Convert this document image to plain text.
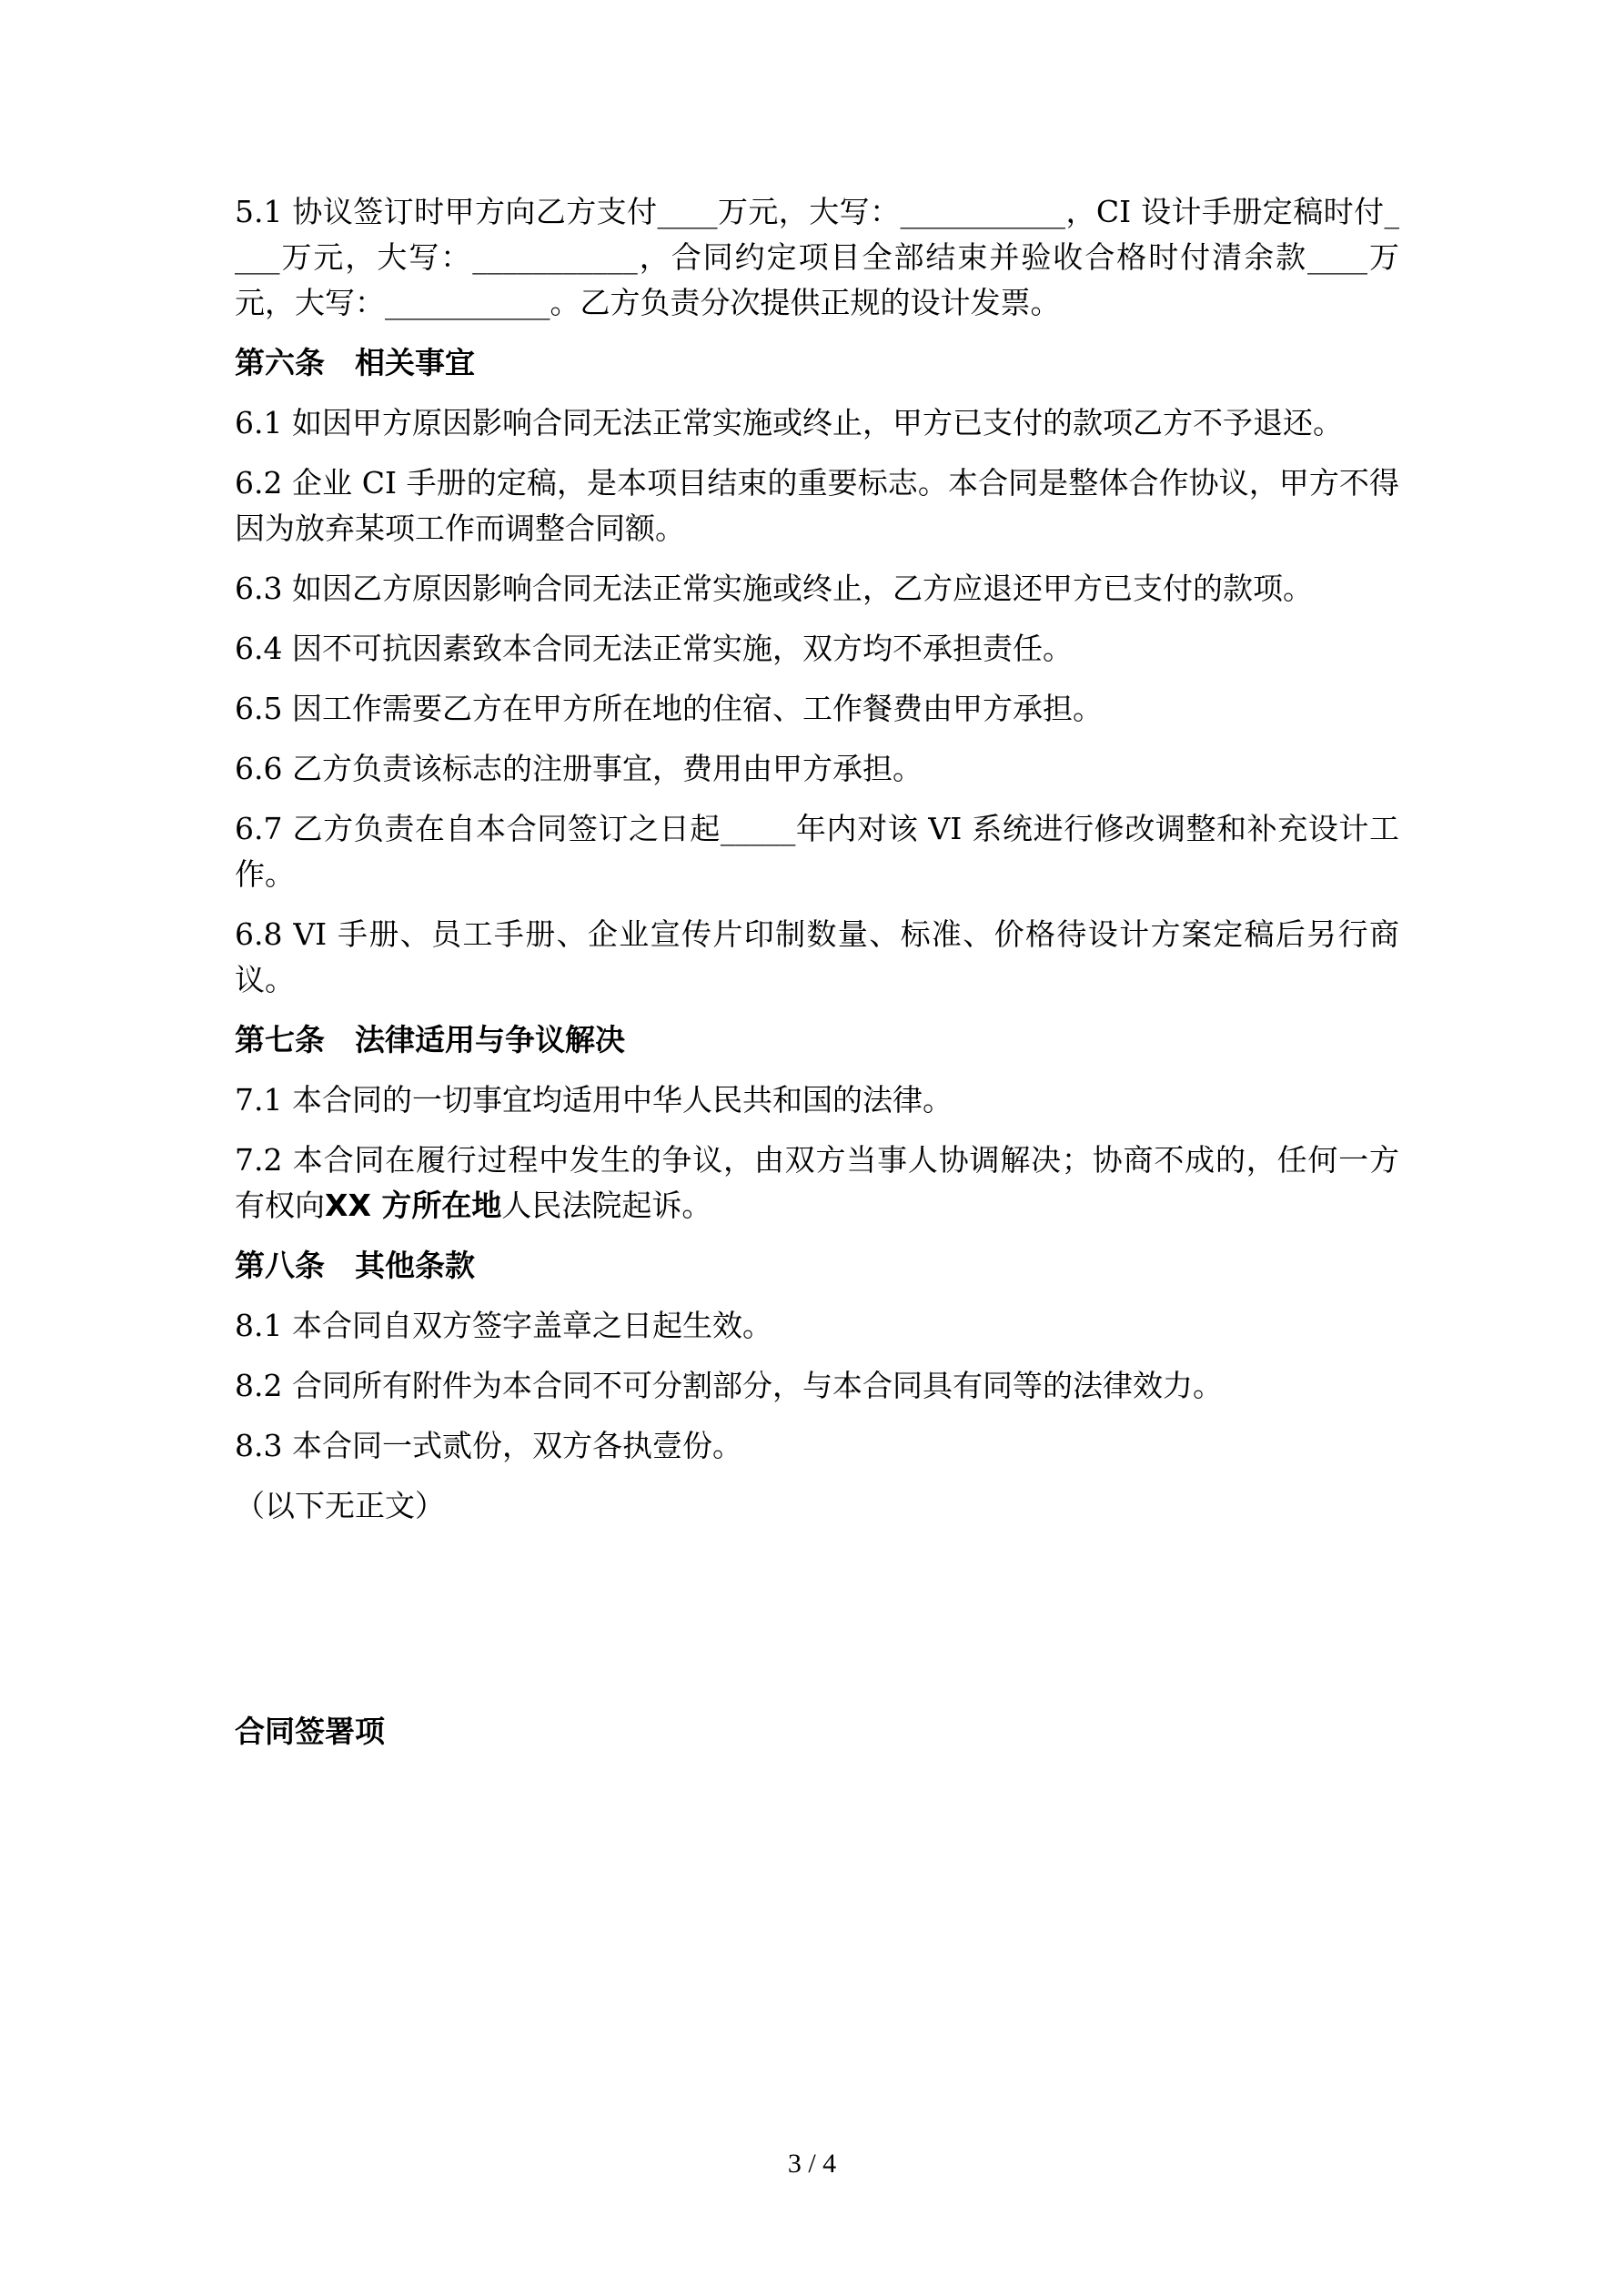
5.1 协议签订时甲方向乙方支付____万元，大写：___________，CI 设计手册定稿时付____万元，大写：___________，合同约定项目全部结束并验收合格时付清余款____万元，大写：___________。乙方负责分次提供正规的设计发票。

第六条　相关事宜

6.1 如因甲方原因影响合同无法正常实施或终止，甲方已支付的款项乙方不予退还。

6.2 企业 CI 手册的定稿，是本项目结束的重要标志。本合同是整体合作协议，甲方不得因为放弃某项工作而调整合同额。

6.3 如因乙方原因影响合同无法正常实施或终止，乙方应退还甲方已支付的款项。

6.4 因不可抗因素致本合同无法正常实施，双方均不承担责任。

6.5 因工作需要乙方在甲方所在地的住宿、工作餐费由甲方承担。

6.6 乙方负责该标志的注册事宜，费用由甲方承担。

6.7 乙方负责在自本合同签订之日起_____年内对该 VI 系统进行修改调整和补充设计工作。

6.8 VI 手册、员工手册、企业宣传片印制数量、标准、价格待设计方案定稿后另行商议。

第七条　法律适用与争议解决

7.1 本合同的一切事宜均适用中华人民共和国的法律。

7.2 本合同在履行过程中发生的争议，由双方当事人协调解决；协商不成的，任何一方有权向XX 方所在地人民法院起诉。

第八条　其他条款

8.1 本合同自双方签字盖章之日起生效。

8.2 合同所有附件为本合同不可分割部分，与本合同具有同等的法律效力。

8.3 本合同一式贰份，双方各执壹份。

（以下无正文）

合同签署项

3 / 4
